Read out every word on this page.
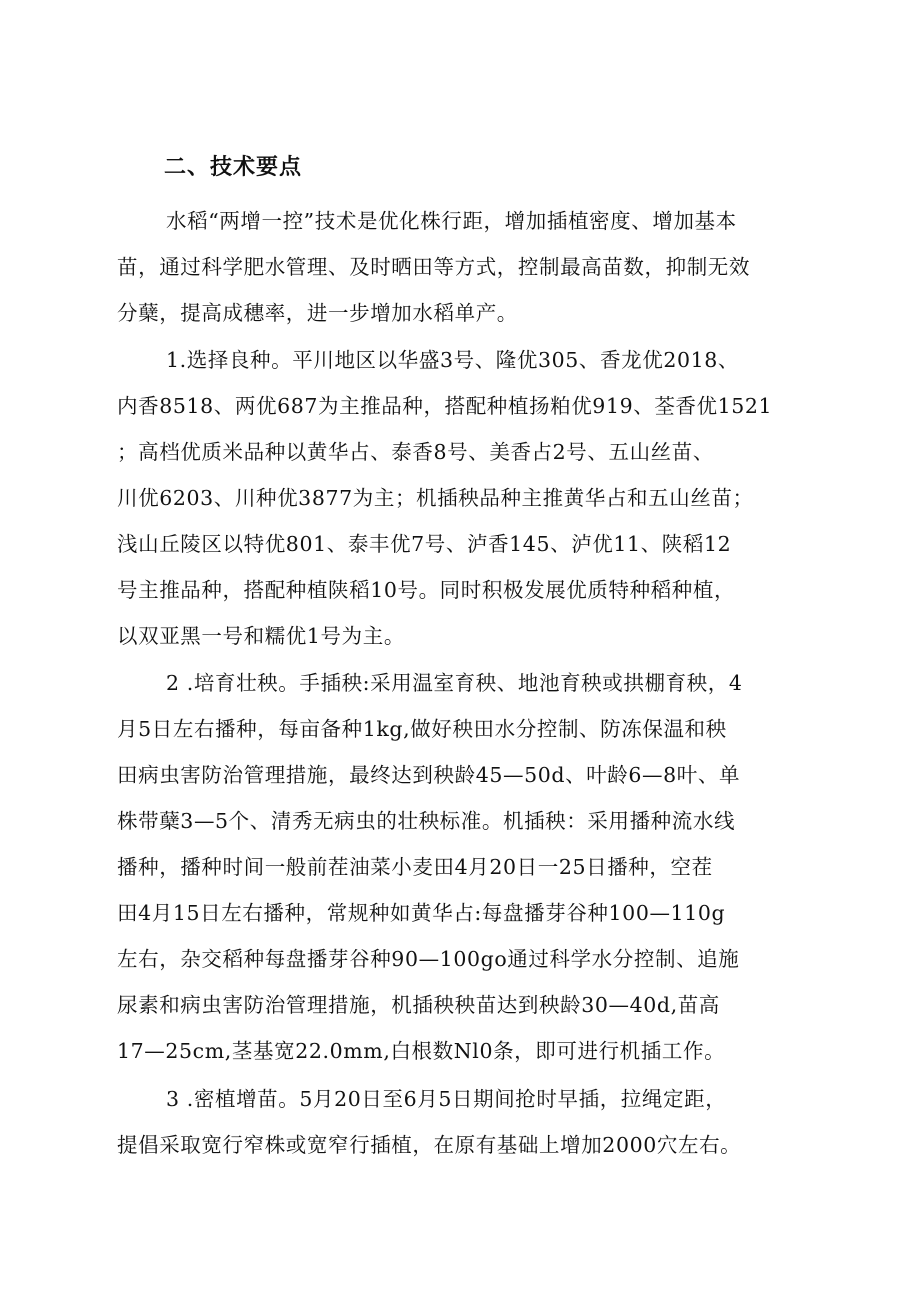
二、技术要点
水稻“两增一控”技术是优化株行距，增加插植密度、增加基本
苗，通过科学肥水管理、及时晒田等方式，控制最高苗数，抑制无效
分蘖，提高成穗率，进一步增加水稻单产。
1.选择良种。平川地区以华盛3号、隆优305、香龙优2018、
内香8518、两优687为主推品种，搭配种植扬粕优919、荃香优1521
；高档优质米品种以黄华占、泰香8号、美香占2号、五山丝苗、
川优6203、川种优3877为主；机插秧品种主推黄华占和五山丝苗；
浅山丘陵区以特优801、泰丰优7号、泸香145、泸优11、陕稻12
号主推品种，搭配种植陕稻10号。同时积极发展优质特种稻种植，
以双亚黑一号和糯优1号为主。
2 .培育壮秧。手插秧:采用温室育秧、地池育秧或拱棚育秧，4
月5日左右播种，每亩备种1kg,做好秧田水分控制、防冻保温和秧
田病虫害防治管理措施，最终达到秧龄45—50d、叶龄6—8叶、单
株带蘖3—5个、清秀无病虫的壮秧标准。机插秧：采用播种流水线
播种，播种时间一般前茬油菜小麦田4月20日一25日播种，空茬
田4月15日左右播种，常规种如黄华占:每盘播芽谷种100—110g
左右，杂交稻种每盘播芽谷种90—100go通过科学水分控制、追施
尿素和病虫害防治管理措施，机插秧秧苗达到秧龄30—40d,苗高
17—25cm,茎基宽22.0mm,白根数Nl0条，即可进行机插工作。
3 .密植增苗。5月20日至6月5日期间抢时早插，拉绳定距，
提倡采取宽行窄株或宽窄行插植，在原有基础上增加2000穴左右。
